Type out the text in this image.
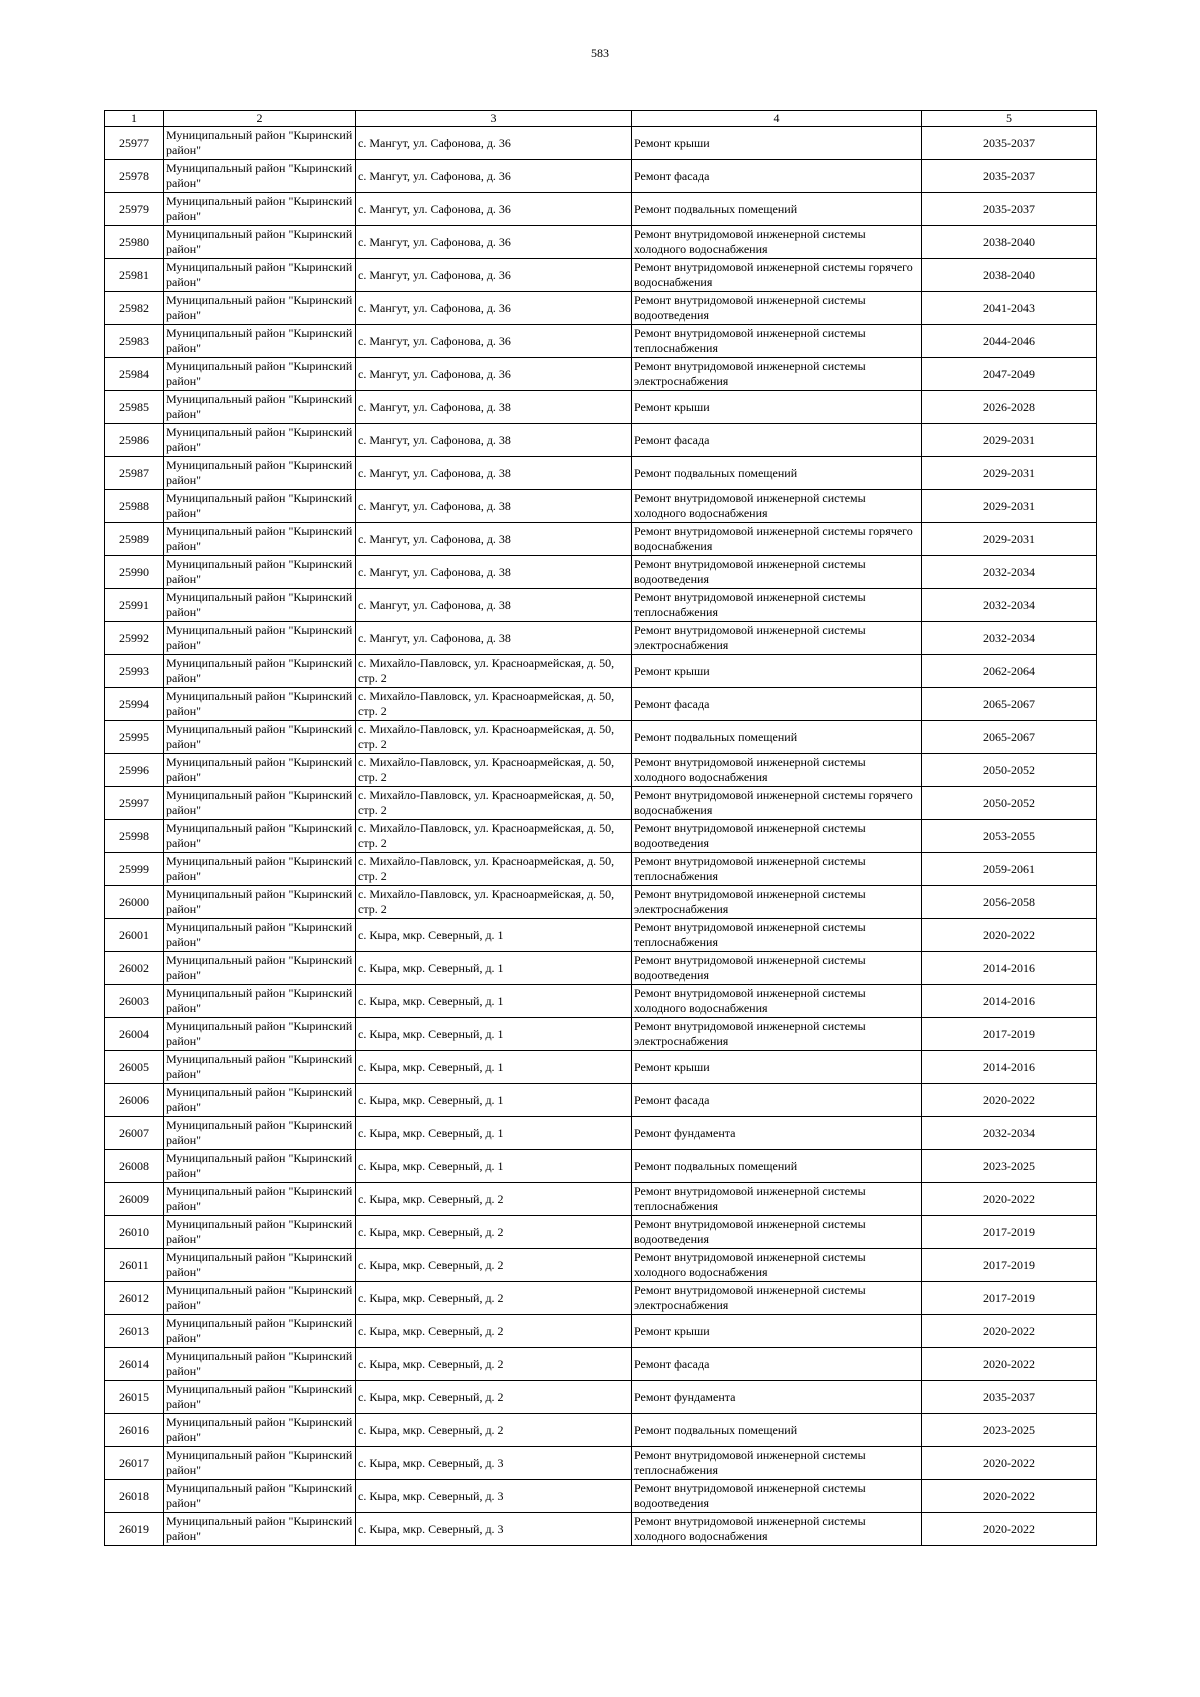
583
1	2	3	4	5
25977	Муниципальный район "Кыринский район"	с. Мангут, ул. Сафонова, д. 36	Ремонт крыши	2035-2037
25978	Муниципальный район "Кыринский район"	с. Мангут, ул. Сафонова, д. 36	Ремонт фасада	2035-2037
25979	Муниципальный район "Кыринский район"	с. Мангут, ул. Сафонова, д. 36	Ремонт подвальных помещений	2035-2037
25980	Муниципальный район "Кыринский район"	с. Мангут, ул. Сафонова, д. 36	Ремонт внутридомовой инженерной системы холодного водоснабжения	2038-2040
25981	Муниципальный район "Кыринский район"	с. Мангут, ул. Сафонова, д. 36	Ремонт внутридомовой инженерной системы горячего водоснабжения	2038-2040
25982	Муниципальный район "Кыринский район"	с. Мангут, ул. Сафонова, д. 36	Ремонт внутридомовой инженерной системы водоотведения	2041-2043
25983	Муниципальный район "Кыринский район"	с. Мангут, ул. Сафонова, д. 36	Ремонт внутридомовой инженерной системы теплоснабжения	2044-2046
25984	Муниципальный район "Кыринский район"	с. Мангут, ул. Сафонова, д. 36	Ремонт внутридомовой инженерной системы электроснабжения	2047-2049
25985	Муниципальный район "Кыринский район"	с. Мангут, ул. Сафонова, д. 38	Ремонт крыши	2026-2028
25986	Муниципальный район "Кыринский район"	с. Мангут, ул. Сафонова, д. 38	Ремонт фасада	2029-2031
25987	Муниципальный район "Кыринский район"	с. Мангут, ул. Сафонова, д. 38	Ремонт подвальных помещений	2029-2031
25988	Муниципальный район "Кыринский район"	с. Мангут, ул. Сафонова, д. 38	Ремонт внутридомовой инженерной системы холодного водоснабжения	2029-2031
25989	Муниципальный район "Кыринский район"	с. Мангут, ул. Сафонова, д. 38	Ремонт внутридомовой инженерной системы горячего водоснабжения	2029-2031
25990	Муниципальный район "Кыринский район"	с. Мангут, ул. Сафонова, д. 38	Ремонт внутридомовой инженерной системы водоотведения	2032-2034
25991	Муниципальный район "Кыринский район"	с. Мангут, ул. Сафонова, д. 38	Ремонт внутридомовой инженерной системы теплоснабжения	2032-2034
25992	Муниципальный район "Кыринский район"	с. Мангут, ул. Сафонова, д. 38	Ремонт внутридомовой инженерной системы электроснабжения	2032-2034
25993	Муниципальный район "Кыринский район"	с. Михайло-Павловск, ул. Красноармейская, д. 50, стр. 2	Ремонт крыши	2062-2064
25994	Муниципальный район "Кыринский район"	с. Михайло-Павловск, ул. Красноармейская, д. 50, стр. 2	Ремонт фасада	2065-2067
25995	Муниципальный район "Кыринский район"	с. Михайло-Павловск, ул. Красноармейская, д. 50, стр. 2	Ремонт подвальных помещений	2065-2067
25996	Муниципальный район "Кыринский район"	с. Михайло-Павловск, ул. Красноармейская, д. 50, стр. 2	Ремонт внутридомовой инженерной системы холодного водоснабжения	2050-2052
25997	Муниципальный район "Кыринский район"	с. Михайло-Павловск, ул. Красноармейская, д. 50, стр. 2	Ремонт внутридомовой инженерной системы горячего водоснабжения	2050-2052
25998	Муниципальный район "Кыринский район"	с. Михайло-Павловск, ул. Красноармейская, д. 50, стр. 2	Ремонт внутридомовой инженерной системы водоотведения	2053-2055
25999	Муниципальный район "Кыринский район"	с. Михайло-Павловск, ул. Красноармейская, д. 50, стр. 2	Ремонт внутридомовой инженерной системы теплоснабжения	2059-2061
26000	Муниципальный район "Кыринский район"	с. Михайло-Павловск, ул. Красноармейская, д. 50, стр. 2	Ремонт внутридомовой инженерной системы электроснабжения	2056-2058
26001	Муниципальный район "Кыринский район"	с. Кыра, мкр. Северный, д. 1	Ремонт внутридомовой инженерной системы теплоснабжения	2020-2022
26002	Муниципальный район "Кыринский район"	с. Кыра, мкр. Северный, д. 1	Ремонт внутридомовой инженерной системы водоотведения	2014-2016
26003	Муниципальный район "Кыринский район"	с. Кыра, мкр. Северный, д. 1	Ремонт внутридомовой инженерной системы холодного водоснабжения	2014-2016
26004	Муниципальный район "Кыринский район"	с. Кыра, мкр. Северный, д. 1	Ремонт внутридомовой инженерной системы электроснабжения	2017-2019
26005	Муниципальный район "Кыринский район"	с. Кыра, мкр. Северный, д. 1	Ремонт крыши	2014-2016
26006	Муниципальный район "Кыринский район"	с. Кыра, мкр. Северный, д. 1	Ремонт фасада	2020-2022
26007	Муниципальный район "Кыринский район"	с. Кыра, мкр. Северный, д. 1	Ремонт фундамента	2032-2034
26008	Муниципальный район "Кыринский район"	с. Кыра, мкр. Северный, д. 1	Ремонт подвальных помещений	2023-2025
26009	Муниципальный район "Кыринский район"	с. Кыра, мкр. Северный, д. 2	Ремонт внутридомовой инженерной системы теплоснабжения	2020-2022
26010	Муниципальный район "Кыринский район"	с. Кыра, мкр. Северный, д. 2	Ремонт внутридомовой инженерной системы водоотведения	2017-2019
26011	Муниципальный район "Кыринский район"	с. Кыра, мкр. Северный, д. 2	Ремонт внутридомовой инженерной системы холодного водоснабжения	2017-2019
26012	Муниципальный район "Кыринский район"	с. Кыра, мкр. Северный, д. 2	Ремонт внутридомовой инженерной системы электроснабжения	2017-2019
26013	Муниципальный район "Кыринский район"	с. Кыра, мкр. Северный, д. 2	Ремонт крыши	2020-2022
26014	Муниципальный район "Кыринский район"	с. Кыра, мкр. Северный, д. 2	Ремонт фасада	2020-2022
26015	Муниципальный район "Кыринский район"	с. Кыра, мкр. Северный, д. 2	Ремонт фундамента	2035-2037
26016	Муниципальный район "Кыринский район"	с. Кыра, мкр. Северный, д. 2	Ремонт подвальных помещений	2023-2025
26017	Муниципальный район "Кыринский район"	с. Кыра, мкр. Северный, д. 3	Ремонт внутридомовой инженерной системы теплоснабжения	2020-2022
26018	Муниципальный район "Кыринский район"	с. Кыра, мкр. Северный, д. 3	Ремонт внутридомовой инженерной системы водоотведения	2020-2022
26019	Муниципальный район "Кыринский район"	с. Кыра, мкр. Северный, д. 3	Ремонт внутридомовой инженерной системы холодного водоснабжения	2020-2022
